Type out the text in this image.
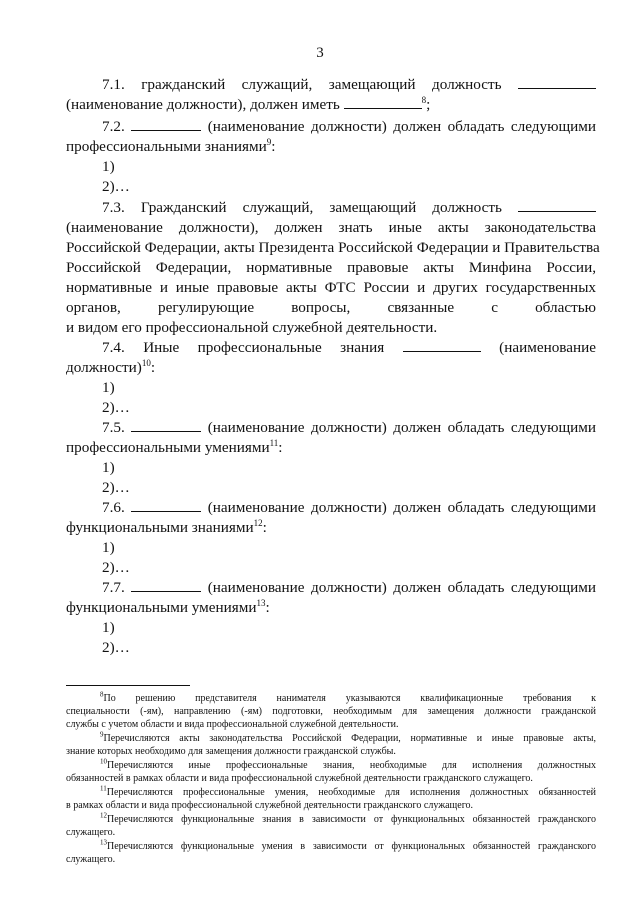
3
7.1. гражданский служащий, замещающий должность
(наименование должности), должен иметь	$^8$;
7.2.	(наименование должности) должен обладать следующими
профессиональными знаниями$^9$:
1)
2)…
7.3. Гражданский служащий, замещающий должность
(наименование должности), должен знать иные акты законодательства
Российской Федерации, акты Президента Российской Федерации и Правительства
Российской Федерации, нормативные правовые акты Минфина России,
нормативные и иные правовые акты ФТС России и других государственных
органов, регулирующие вопросы, связанные с областью
и видом его профессиональной служебной деятельности.
7.4. Иные профессиональные знания	(наименование
должности)$^{10}$:
1)
2)…
7.5.	(наименование должности) должен обладать следующими
профессиональными умениями$^{11}$:
1)
2)…
7.6.	(наименование должности) должен обладать следующими
функциональными знаниями$^{12}$:
1)
2)…
7.7.	(наименование должности) должен обладать следующими
функциональными умениями$^{13}$:
1)
2)…
$^8$По решению представителя нанимателя указываются квалификационные требования к
специальности (-ям), направлению (-ям) подготовки, необходимым для замещения должности гражданской
службы с учетом области и вида профессиональной служебной деятельности.
$^9$Перечисляются акты законодательства Российской Федерации, нормативные и иные правовые акты,
знание которых необходимо для замещения должности гражданской службы.
$^{10}$Перечисляются иные профессиональные знания, необходимые для исполнения должностных
обязанностей в рамках области и вида профессиональной служебной деятельности гражданского служащего.
$^{11}$Перечисляются профессиональные умения, необходимые для исполнения должностных обязанностей
в рамках области и вида профессиональной служебной деятельности гражданского служащего.
$^{12}$Перечисляются функциональные знания в зависимости от функциональных обязанностей гражданского
служащего.
$^{13}$Перечисляются функциональные умения в зависимости от функциональных обязанностей гражданского
служащего.
